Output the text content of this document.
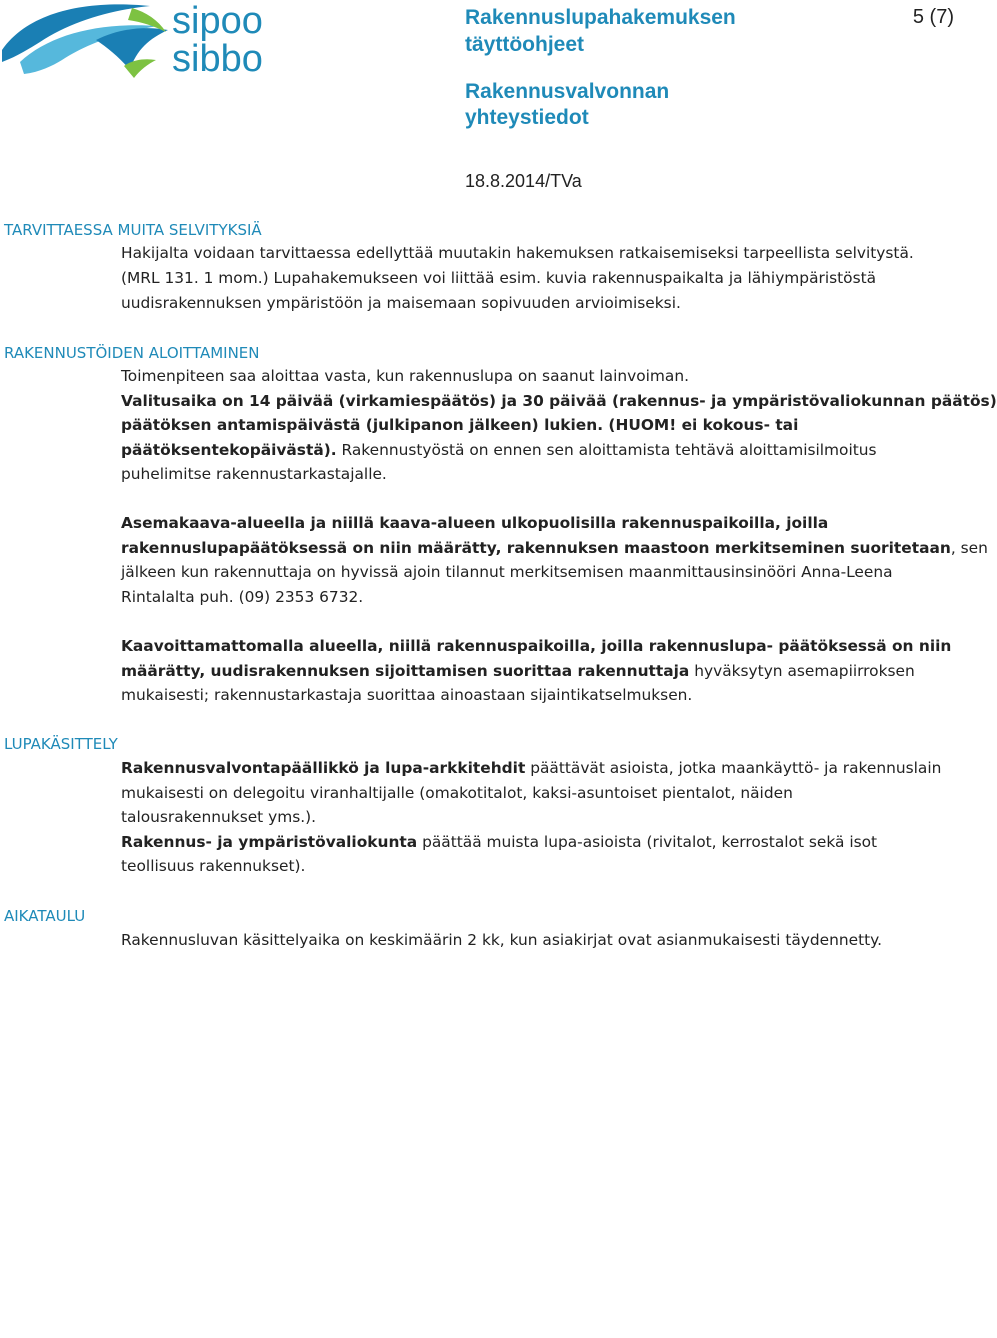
sipoo
sibbo
Rakennuslupahakemuksen
täyttöohjeet
Rakennusvalvonnan
yhteystiedot
5 (7)
18.8.2014/TVa
TARVITTAESSA MUITA SELVITYKSIÄ
Hakijalta voidaan tarvittaessa edellyttää muutakin hakemuksen ratkaisemiseksi tarpeellista selvitystä.
(MRL 131. 1 mom.) Lupahakemukseen voi liittää esim. kuvia rakennuspaikalta ja lähiympäristöstä
uudisrakennuksen ympäristöön ja maisemaan sopivuuden arvioimiseksi.
RAKENNUSTÖIDEN ALOITTAMINEN
Toimenpiteen saa aloittaa vasta, kun rakennuslupa on saanut lainvoiman.
Valitusaika on 14 päivää (virkamiespäätös) ja 30 päivää (rakennus- ja ympäristövaliokunnan päätös)
päätöksen antamispäivästä (julkipanon jälkeen) lukien. (HUOM! ei kokous- tai
päätöksentekopäivästä). Rakennustyöstä on ennen sen aloittamista tehtävä aloittamisilmoitus
puhelimitse rakennustarkastajalle.
Asemakaava-alueella ja niillä kaava-alueen ulkopuolisilla rakennuspaikoilla, joilla
rakennuslupapäätöksessä on niin määrätty, rakennuksen maastoon merkitseminen suoritetaan, sen
jälkeen kun rakennuttaja on hyvissä ajoin tilannut merkitsemisen maanmittausinsinööri Anna-Leena
Rintalalta puh. (09) 2353 6732.
Kaavoittamattomalla alueella, niillä rakennuspaikoilla, joilla rakennuslupa- päätöksessä on niin
määrätty, uudisrakennuksen sijoittamisen suorittaa rakennuttaja hyväksytyn asemapiirroksen
mukaisesti; rakennustarkastaja suorittaa ainoastaan sijaintikatselmuksen.
LUPAKÄSITTELY
Rakennusvalvontapäällikkö ja lupa-arkkitehdit päättävät asioista, jotka maankäyttö- ja rakennuslain
mukaisesti on delegoitu viranhaltijalle (omakotitalot, kaksi-asuntoiset pientalot, näiden
talousrakennukset yms.).
Rakennus- ja ympäristövaliokunta päättää muista lupa-asioista (rivitalot, kerrostalot sekä isot
teollisuus rakennukset).
AIKATAULU
Rakennusluvan käsittelyaika on keskimäärin 2 kk, kun asiakirjat ovat asianmukaisesti täydennetty.
